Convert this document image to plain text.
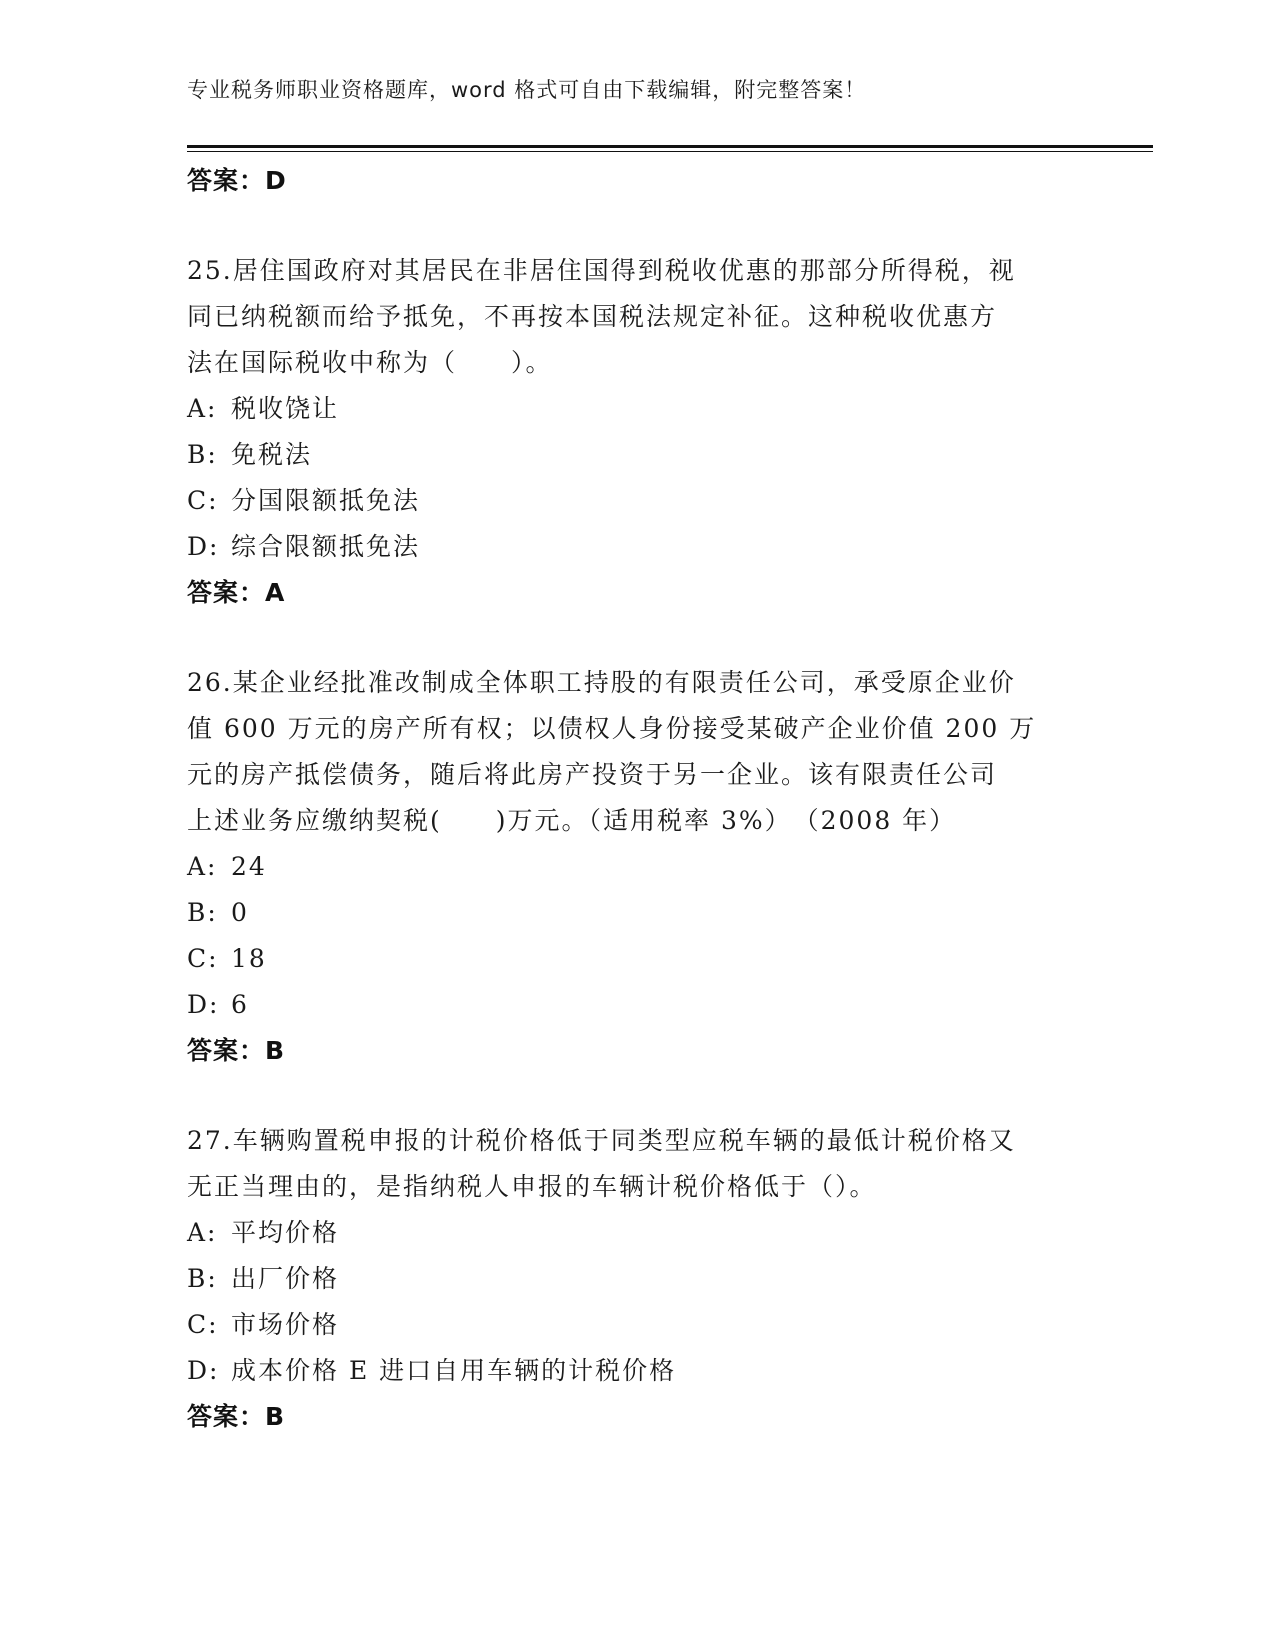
专业税务师职业资格题库，word 格式可自由下载编辑，附完整答案！
答案：D
25.居住国政府对其居民在非居住国得到税收优惠的那部分所得税，视
同已纳税额而给予抵免，不再按本国税法规定补征。这种税收优惠方
法在国际税收中称为（　　）。
A: 税收饶让
B: 免税法
C: 分国限额抵免法
D: 综合限额抵免法
答案：A
26.某企业经批准改制成全体职工持股的有限责任公司，承受原企业价
值 600 万元的房产所有权；以债权人身份接受某破产企业价值 200 万
元的房产抵偿债务，随后将此房产投资于另一企业。该有限责任公司
上述业务应缴纳契税(　　)万元。（适用税率 3%）　（2008 年）
A: 24
B: 0
C: 18
D: 6
答案：B
27.车辆购置税申报的计税价格低于同类型应税车辆的最低计税价格又
无正当理由的，是指纳税人申报的车辆计税价格低于（）。
A: 平均价格
B: 出厂价格
C: 市场价格
D: 成本价格 E 进口自用车辆的计税价格
答案：B
